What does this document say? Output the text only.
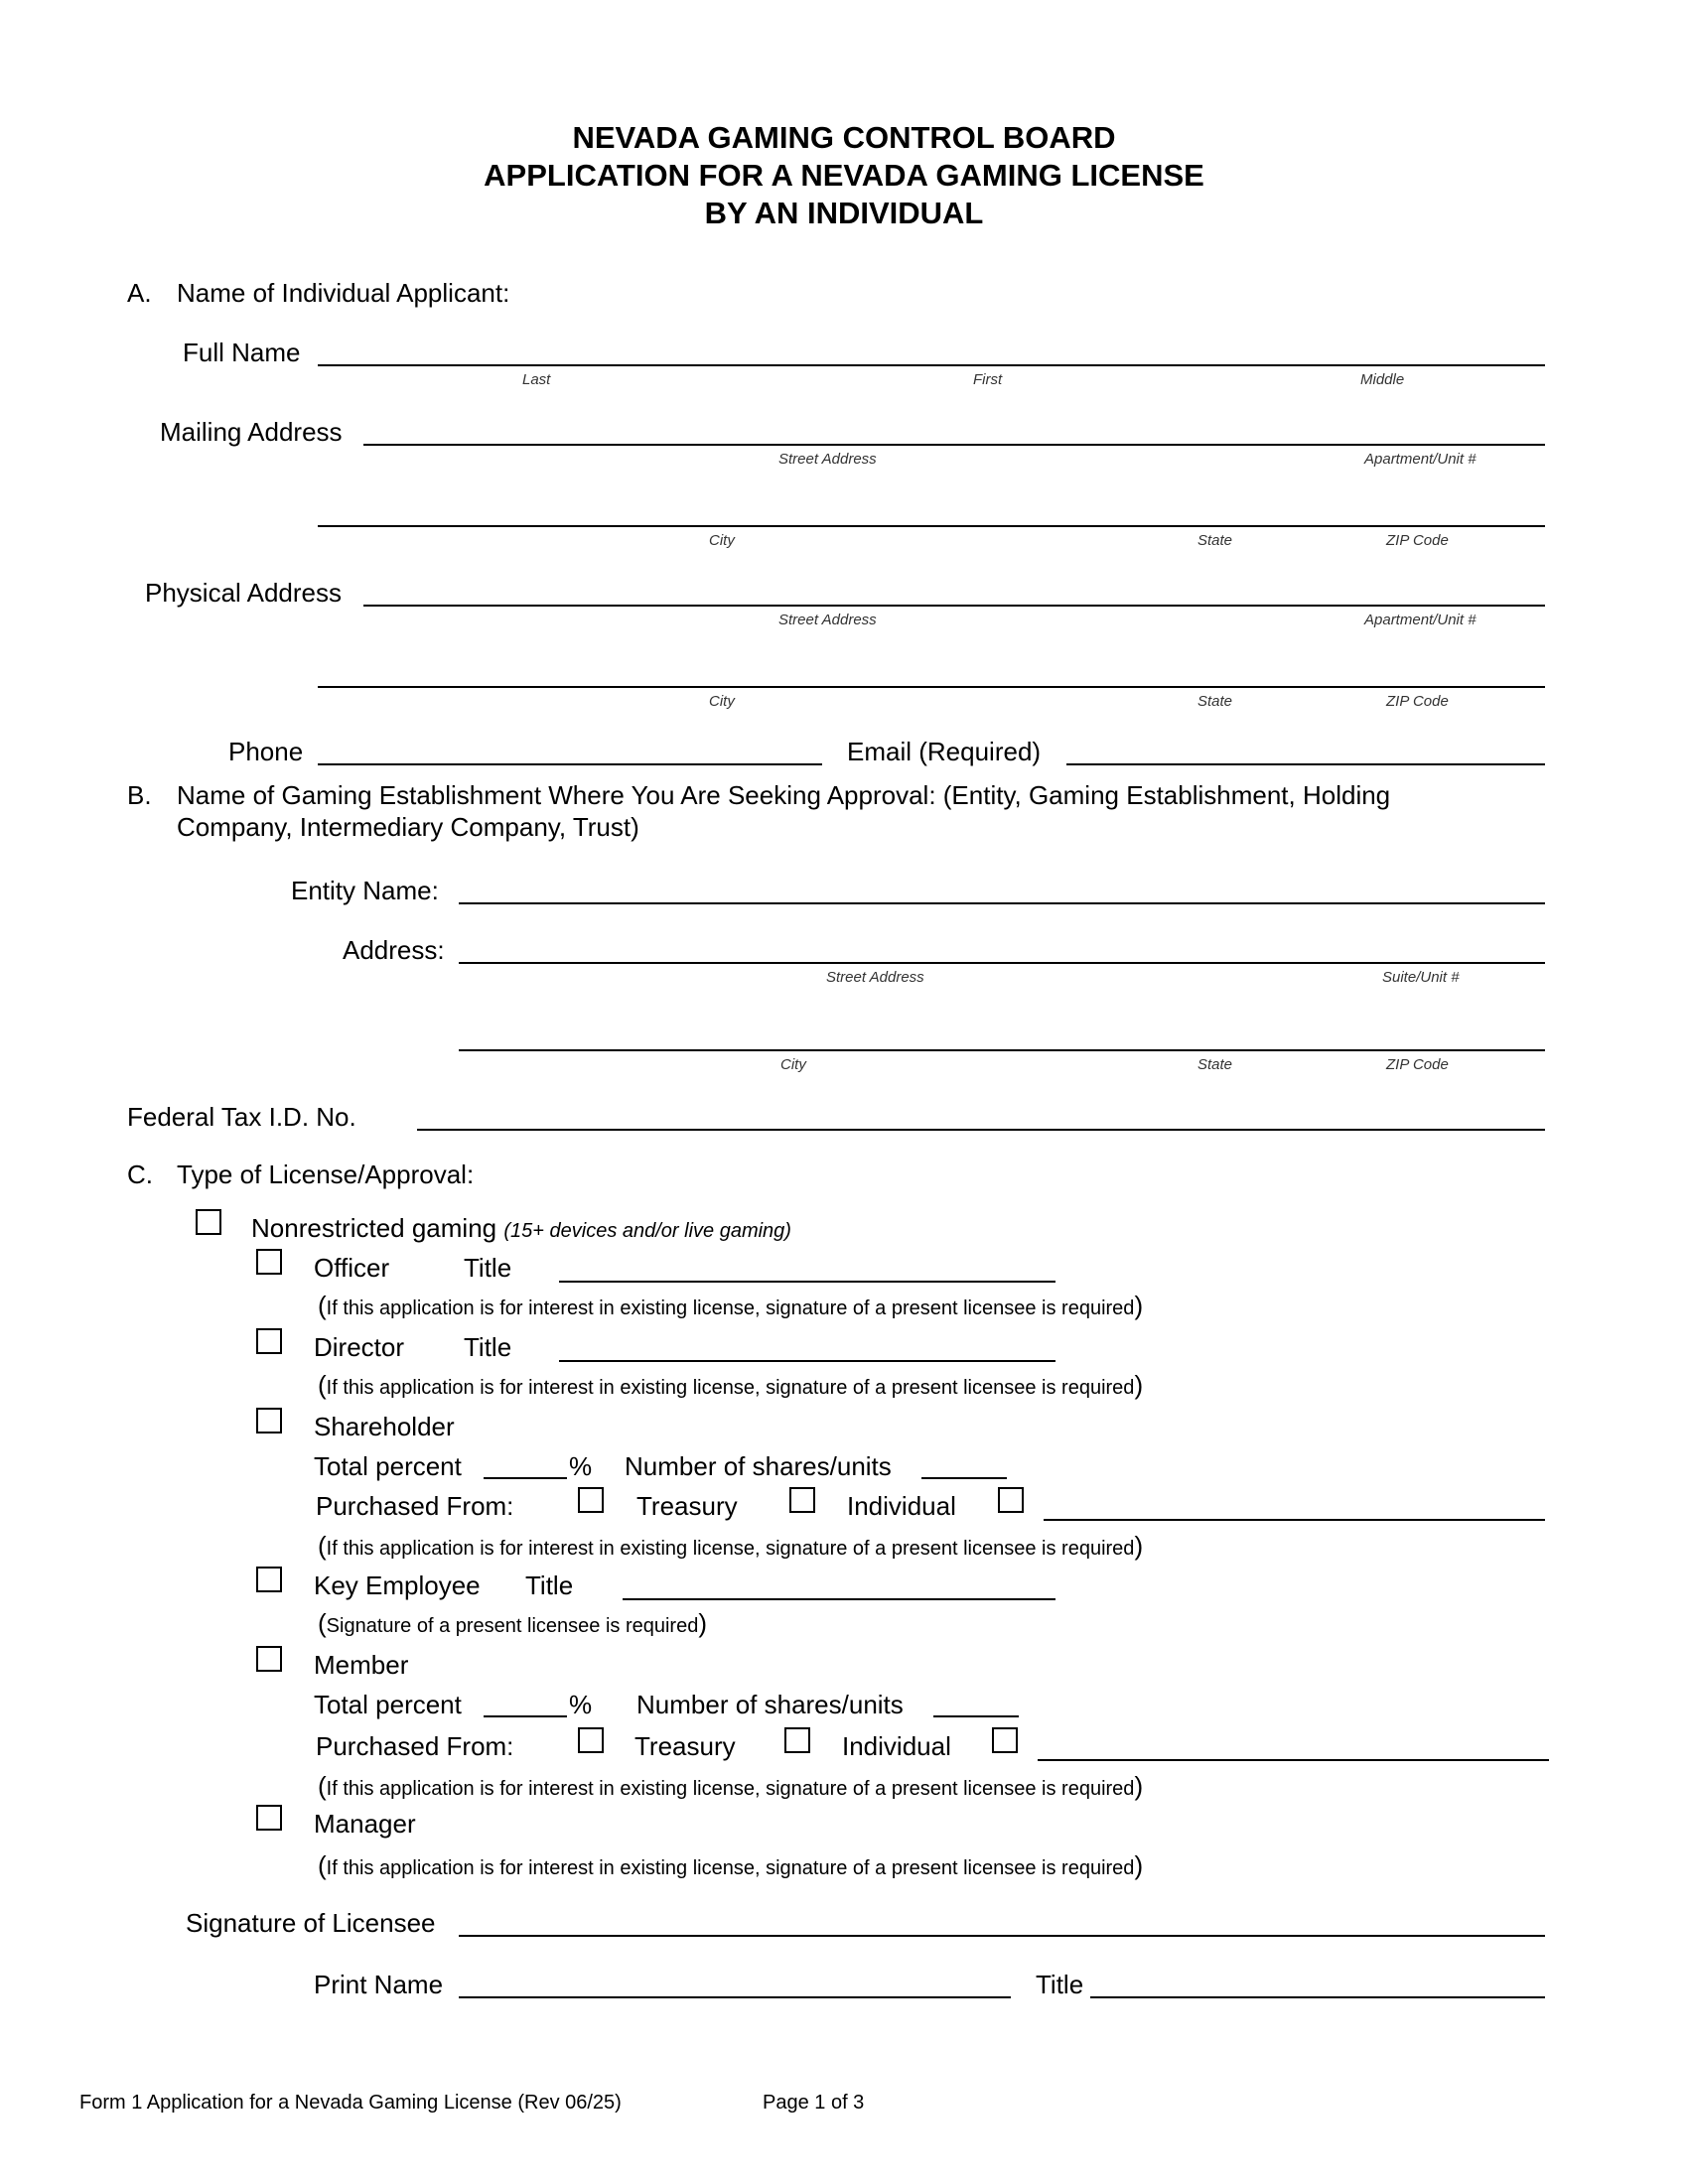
NEVADA GAMING CONTROL BOARD
APPLICATION FOR A NEVADA GAMING LICENSE
BY AN INDIVIDUAL
A. Name of Individual Applicant:
Full Name
Last	First	Middle
Mailing Address
Street Address	Apartment/Unit #
City	State	ZIP Code
Physical Address
Street Address	Apartment/Unit #
City	State	ZIP Code
Phone	Email (Required)
B. Name of Gaming Establishment Where You Are Seeking Approval: (Entity, Gaming Establishment, Holding
Company, Intermediary Company, Trust)
Entity Name:
Address:
Street Address	Suite/Unit #
City	State	ZIP Code
Federal Tax I.D. No.
C. Type of License/Approval:
Nonrestricted gaming (15+ devices and/or live gaming)
Officer	Title
(If this application is for interest in existing license, signature of a present licensee is required)
Director Title
(If this application is for interest in existing license, signature of a present licensee is required)
Shareholder
Total percent	% Number of shares/units
Purchased From:	Treasury	Individual
(If this application is for interest in existing license, signature of a present licensee is required)
Key Employee Title
(Signature of a present licensee is required)
Member
Total percent	% Number of shares/units
Purchased From:	Treasury	Individual
(If this application is for interest in existing license, signature of a present licensee is required)
Manager
(If this application is for interest in existing license, signature of a present licensee is required)
Signature of Licensee
Print Name	Title
Form 1 Application for a Nevada Gaming License (Rev 06/25)	Page 1 of 3
